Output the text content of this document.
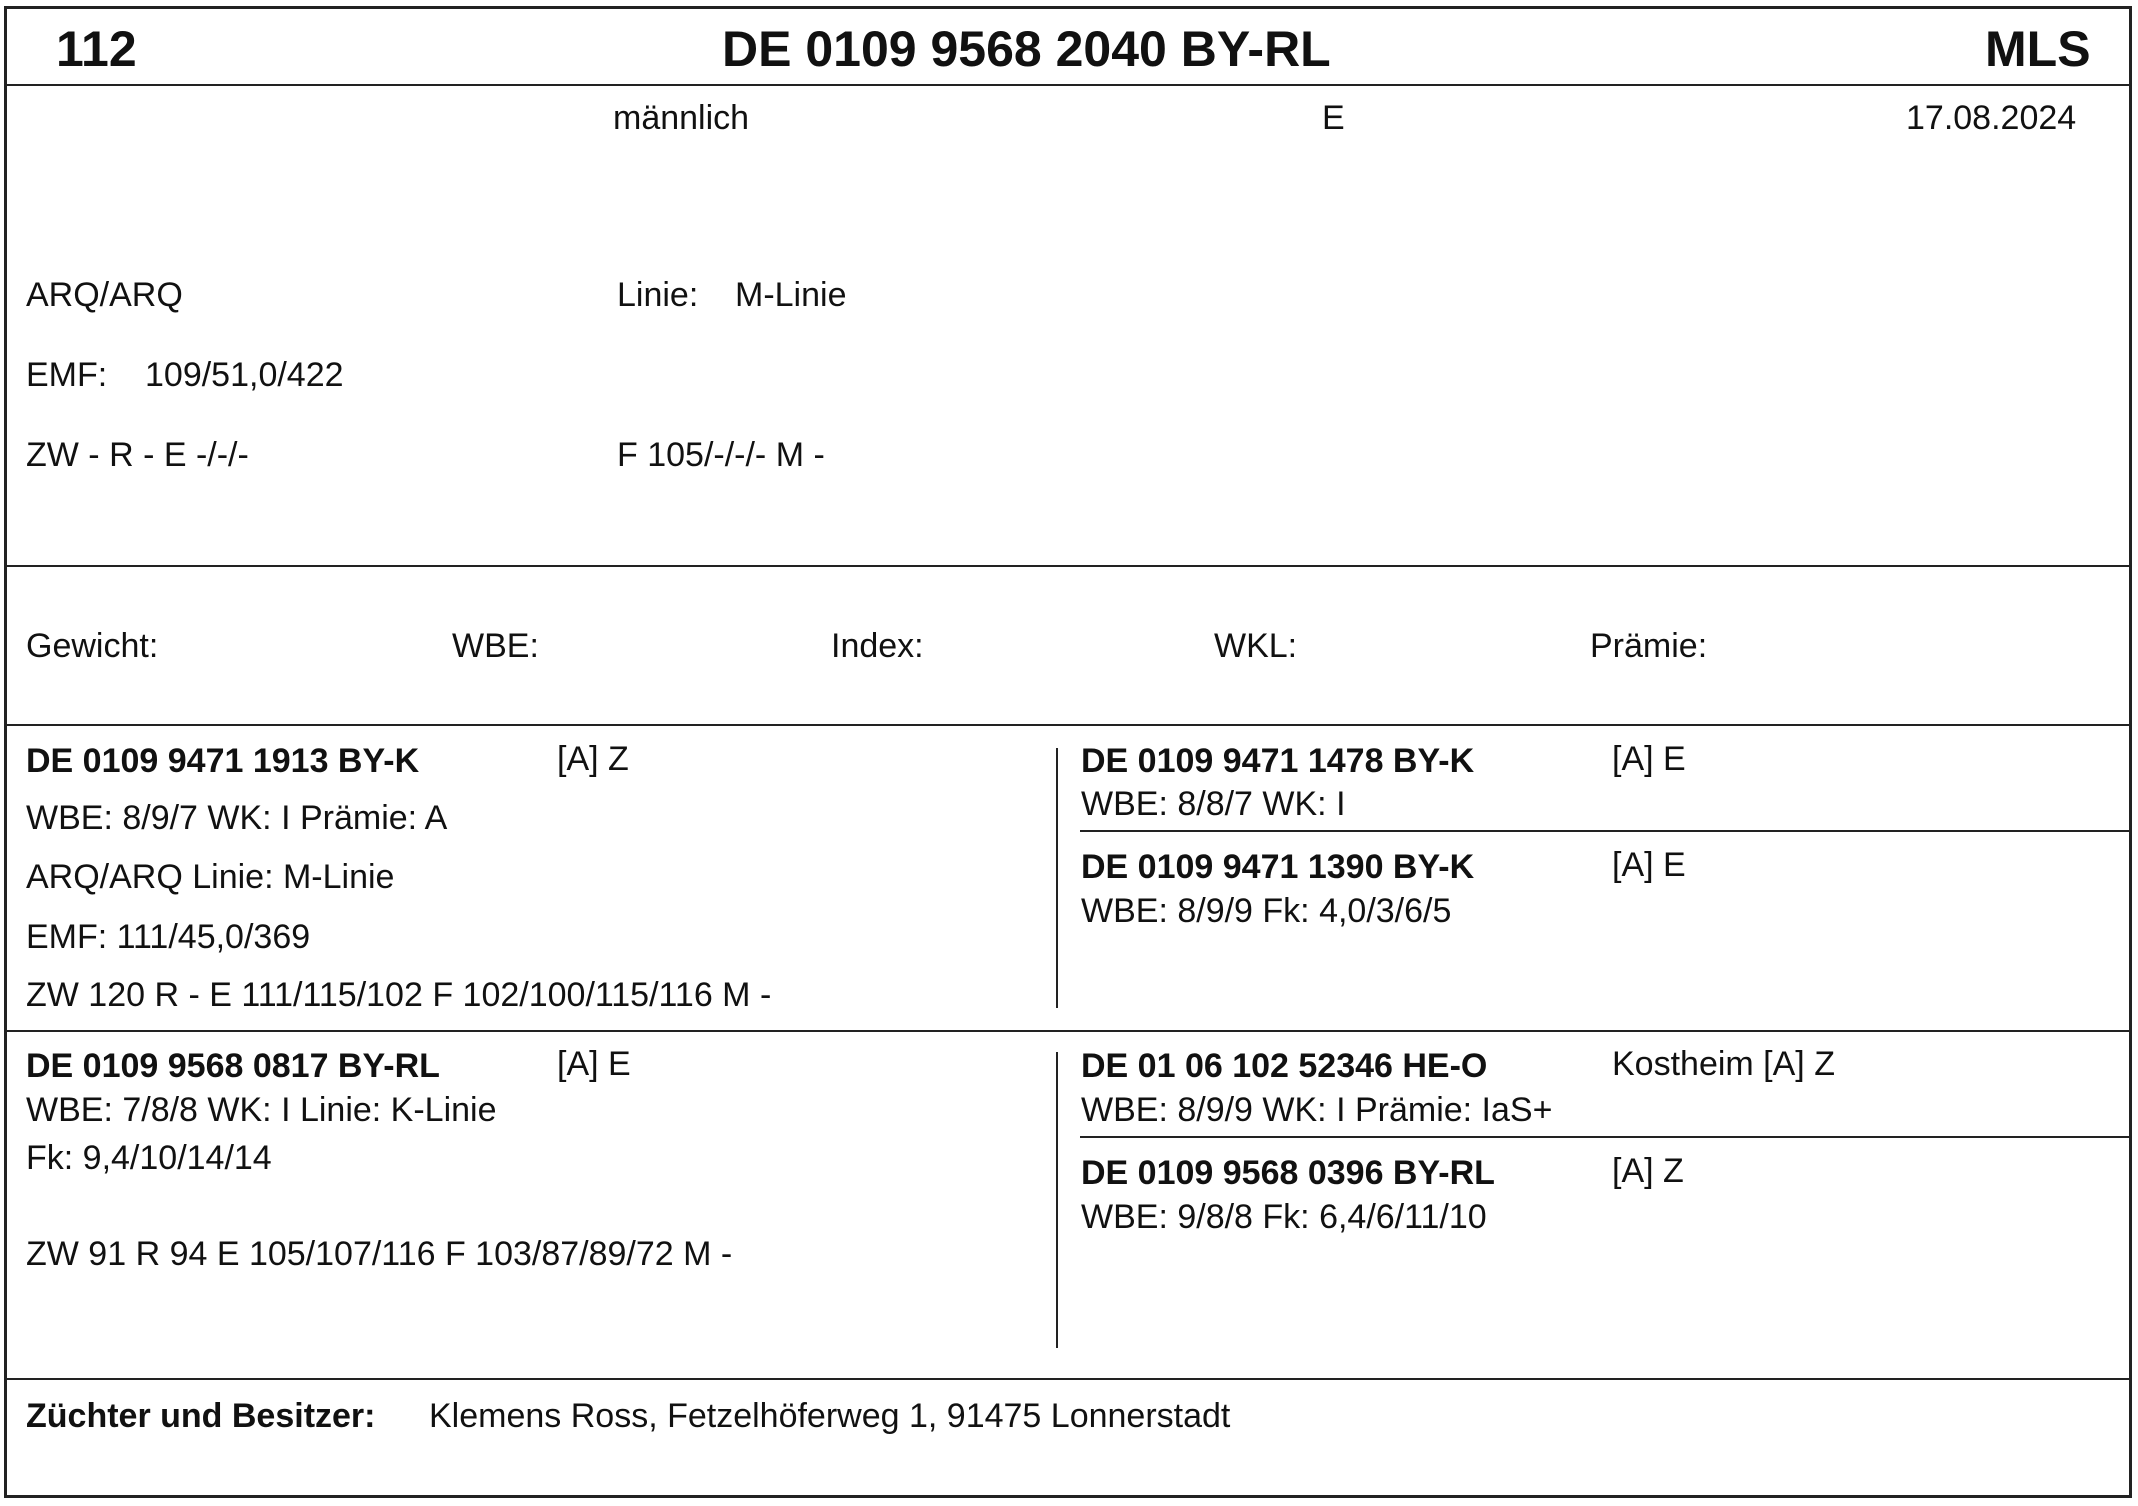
112	DE 0109 9568 2040 BY-RL	MLS
männlich	E	17.08.2024
ARQ/ARQ	Linie: M-Linie
EMF: 109/51,0/422
ZW - R - E -/-/-	F 105/-/-/- M -
Gewicht:	WBE:	Index:	WKL:	Prämie:
DE 0109 9471 1913 BY-K	[A] Z
WBE: 8/9/7 WK: I Prämie: A
ARQ/ARQ Linie: M-Linie
EMF: 111/45,0/369
ZW 120 R - E 111/115/102 F 102/100/115/116 M -
DE 0109 9471 1478 BY-K	[A] E
WBE: 8/8/7 WK: I
DE 0109 9471 1390 BY-K	[A] E
WBE: 8/9/9 Fk: 4,0/3/6/5
DE 0109 9568 0817 BY-RL	[A] E
WBE: 7/8/8 WK: I Linie: K-Linie
Fk: 9,4/10/14/14
ZW 91 R 94 E 105/107/116 F 103/87/89/72 M -
DE 01 06 102 52346 HE-O	Kostheim [A] Z
WBE: 8/9/9 WK: I Prämie: IaS+
DE 0109 9568 0396 BY-RL	[A] Z
WBE: 9/8/8 Fk: 6,4/6/11/10
Züchter und Besitzer: Klemens Ross, Fetzelhöferweg 1, 91475 Lonnerstadt
